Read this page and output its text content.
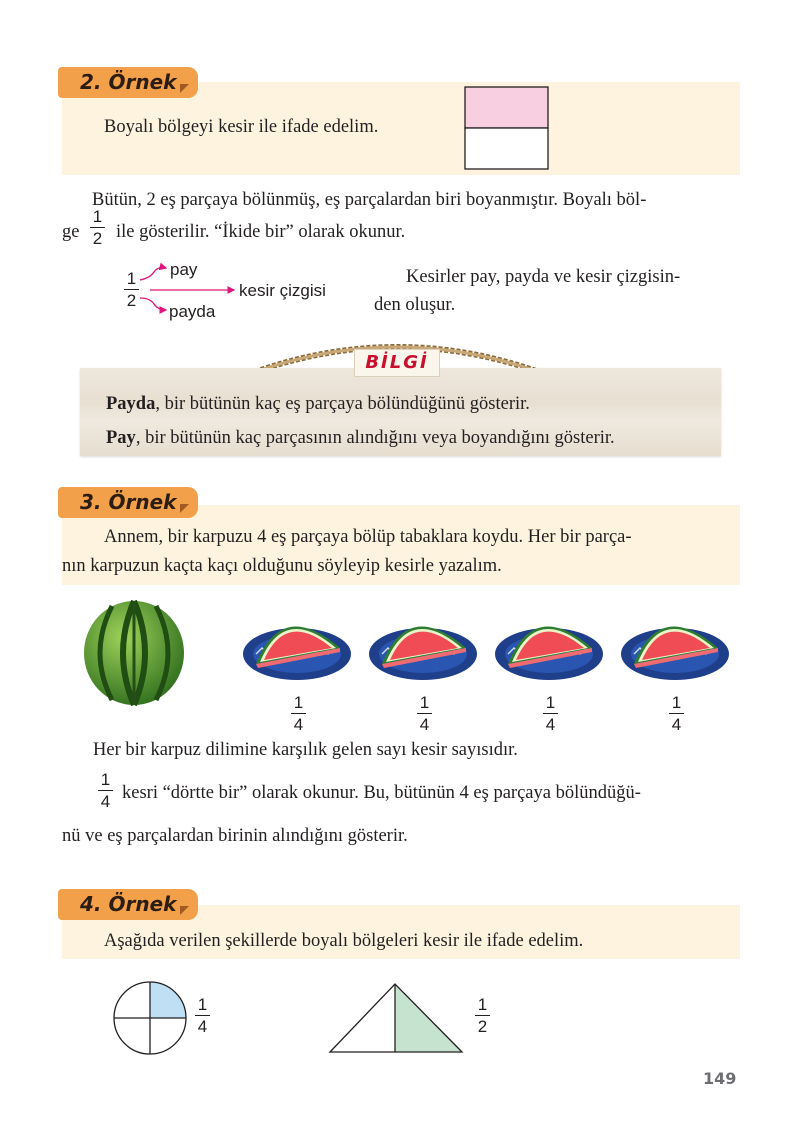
2. Örnek
Boyalı bölgeyi kesir ile ifade edelim.
Bütün, 2 eş parçaya bölünmüş, eş parçalardan biri boyanmıştır. Boyalı böl-
ge
1
2 ile gösterilir. “İkide bir” olarak okunur.
1
2
pay
payda
kesir çizgisi
Kesirler pay, payda ve kesir çizgisin-
den oluşur.
BİLGİ
Payda, bir bütünün kaç eş parçaya bölündüğünü gösterir.
Pay, bir bütünün kaç parçasının alındığını veya boyandığını gösterir.
3. Örnek
Annem, bir karpuzu 4 eş parçaya bölüp tabaklara koydu. Her bir parça-
nın karpuzun kaçta kaçı olduğunu söyleyip kesirle yazalım.
1
4
1
4
1
4
1
4
Her bir karpuz dilimine karşılık gelen sayı kesir sayısıdır.
1
4 kesri “dörtte bir” olarak okunur. Bu, bütünün 4 eş parçaya bölündüğü-
nü ve eş parçalardan birinin alındığını gösterir.
4. Örnek
Aşağıda verilen şekillerde boyalı bölgeleri kesir ile ifade edelim.
1
4
1
2
149
